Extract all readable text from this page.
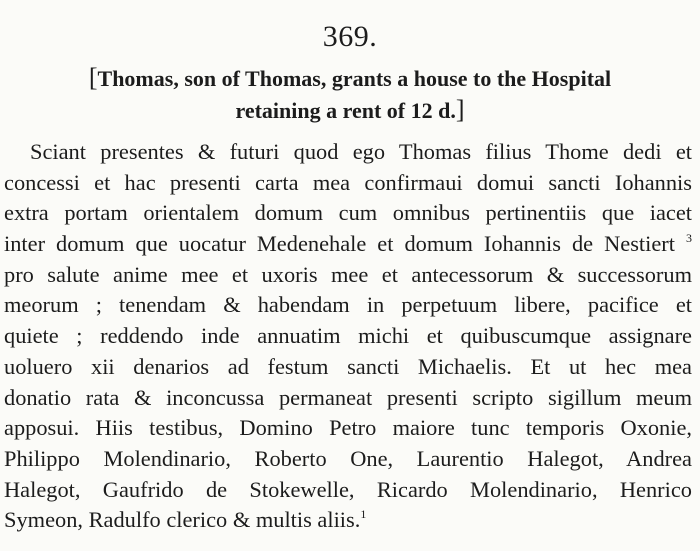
369.
[Thomas, son of Thomas, grants a house to the Hospital
retaining a rent of 12 d.]
Sciant presentes & futuri quod ego Thomas filius Thome dedi et
concessi et hac presenti carta mea confirmaui domui sancti Iohannis
extra portam orientalem domum cum omnibus pertinentiis que iacet
inter domum que uocatur Medenehale et domum Iohannis de Nestiert $^3$
pro salute anime mee et uxoris mee et antecessorum & successorum
meorum ; tenendam & habendam in perpetuum libere, pacifice et
quiete ; reddendo inde annuatim michi et quibuscumque assignare
uoluero xii denarios ad festum sancti Michaelis. Et ut hec mea
donatio rata & inconcussa permaneat presenti scripto sigillum meum
apposui. Hiis testibus, Domino Petro maiore tunc temporis Oxonie,
Philippo Molendinario, Roberto One, Laurentio Halegot, Andrea
Halegot, Gaufrido de Stokewelle, Ricardo Molendinario, Henrico
Symeon, Radulfo clerico & multis aliis.$^1$
